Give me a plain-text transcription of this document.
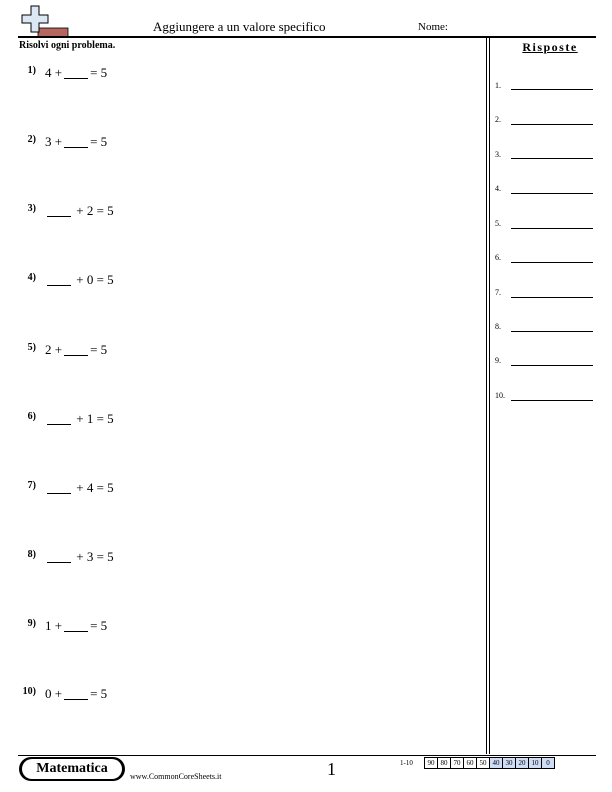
Aggiungere a un valore specifico	Nome:
Risolvi ogni problema.
1) 4 + = 5
2) 3 + = 5
3)	+ 2 = 5
4)	+ 0 = 5
5) 2 + = 5
6)	+ 1 = 5
7)	+ 4 = 5
8)	+ 3 = 5
9) 1 + = 5
10) 0 + = 5
Risposte
1.
2.
3.
4.
5.
6.
7.
8.
9.
10.
Matematica
www.CommonCoreSheets.it	1	1-10 90	80	70	60	50	40	30	20	10	0
